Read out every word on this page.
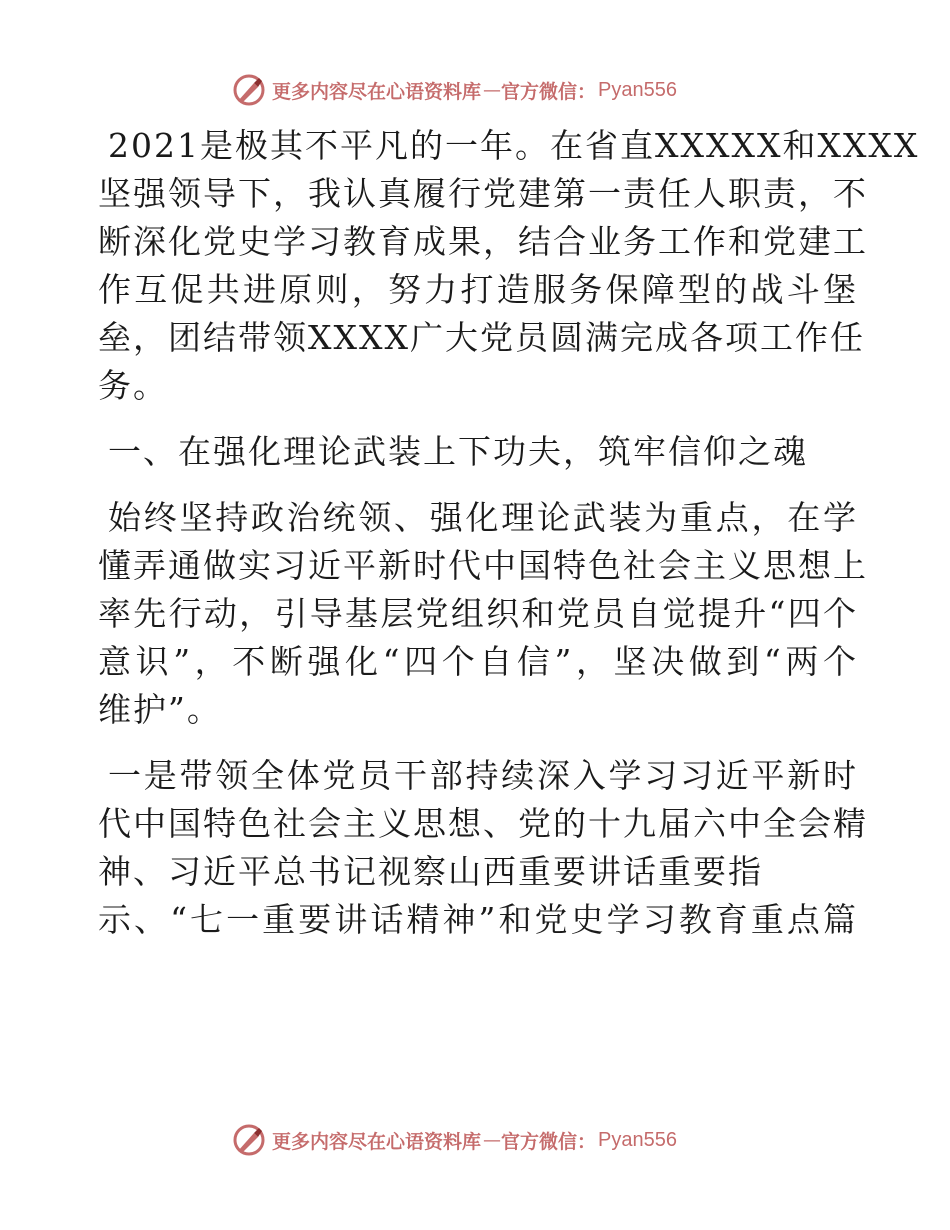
更多内容尽在心语资料库 — 官方微信： Pyan556
2021是极其不平凡的一年。在省直XXXXX和XXXX
坚强领导下，我认真履行党建第一责任人职责，不
断深化党史学习教育成果，结合业务工作和党建工
作互促共进原则，努力打造服务保障型的战斗堡
垒，团结带领XXXX广大党员圆满完成各项工作任
务。
一、在强化理论武装上下功夫，筑牢信仰之魂
始终坚持政治统领、强化理论武装为重点，在学
懂弄通做实习近平新时代中国特色社会主义思想上
率先行动，引导基层党组织和党员自觉提升“四个
意识”，不断强化“四个自信”，坚决做到“两个
维护”。
一是带领全体党员干部持续深入学习习近平新时
代中国特色社会主义思想、党的十九届六中全会精
神、习近平总书记视察山西重要讲话重要指
示、“七一重要讲话精神”和党史学习教育重点篇
更多内容尽在心语资料库 — 官方微信： Pyan556
